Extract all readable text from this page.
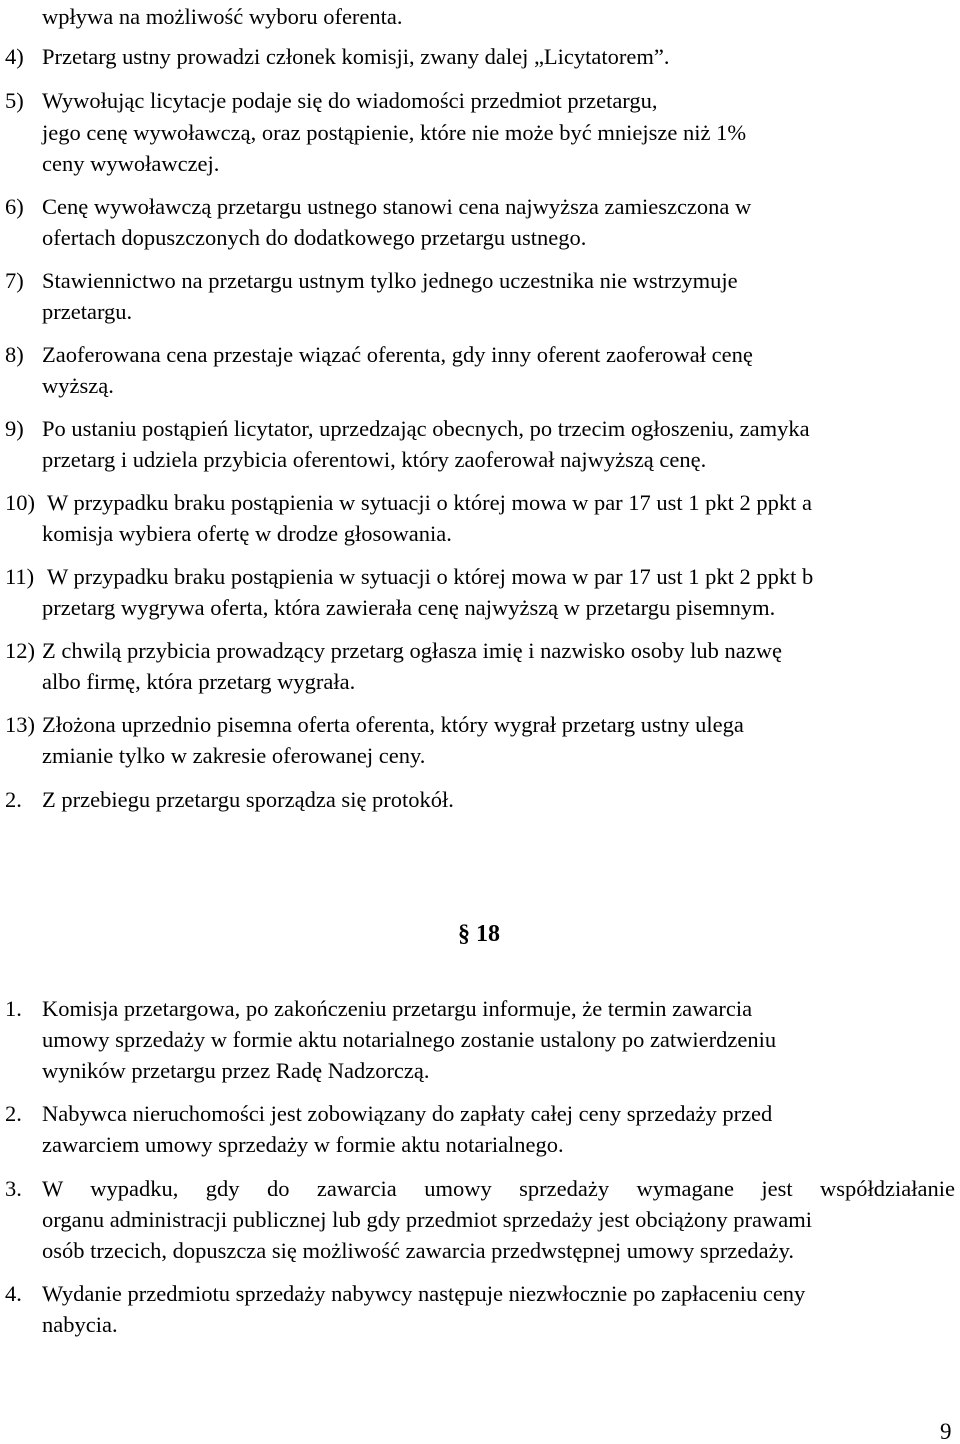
wpływa na możliwość wyboru oferenta.
4) Przetarg ustny prowadzi członek komisji, zwany dalej „Licytatorem”.
5) Wywołując licytacje podaje się do wiadomości przedmiot przetargu,
jego cenę wywoławczą, oraz postąpienie, które nie może być mniejsze niż 1%
ceny wywoławczej.
6) Cenę wywoławczą przetargu ustnego stanowi cena najwyższa zamieszczona w
ofertach dopuszczonych do dodatkowego przetargu ustnego.
7) Stawiennictwo na przetargu ustnym tylko jednego uczestnika nie wstrzymuje
przetargu.
8) Zaoferowana cena przestaje wiązać oferenta, gdy inny oferent zaoferował cenę
wyższą.
9) Po ustaniu postąpień licytator, uprzedzając obecnych, po trzecim ogłoszeniu, zamyka
przetarg i udziela przybicia oferentowi, który zaoferował najwyższą cenę.
10) W przypadku braku postąpienia w sytuacji o której mowa w par 17 ust 1 pkt 2 ppkt a
komisja wybiera ofertę w drodze głosowania.
11) W przypadku braku postąpienia w sytuacji o której mowa w par 17 ust 1 pkt 2 ppkt b
przetarg wygrywa oferta, która zawierała cenę najwyższą w przetargu pisemnym.
12) Z chwilą przybicia prowadzący przetarg ogłasza imię i nazwisko osoby lub nazwę
albo firmę, która przetarg wygrała.
13) Złożona uprzednio pisemna oferta oferenta, który wygrał przetarg ustny ulega
zmianie tylko w zakresie oferowanej ceny.
2. Z przebiegu przetargu sporządza się protokół.
§ 18
1. Komisja przetargowa, po zakończeniu przetargu informuje, że termin zawarcia
umowy sprzedaży w formie aktu notarialnego zostanie ustalony po zatwierdzeniu
wyników przetargu przez Radę Nadzorczą.
2. Nabywca nieruchomości jest zobowiązany do zapłaty całej ceny sprzedaży przed
zawarciem umowy sprzedaży w formie aktu notarialnego.
3. W wypadku, gdy do zawarcia umowy sprzedaży wymagane jest współdziałanie
organu administracji publicznej lub gdy przedmiot sprzedaży jest obciążony prawami
osób trzecich, dopuszcza się możliwość zawarcia przedwstępnej umowy sprzedaży.
4. Wydanie przedmiotu sprzedaży nabywcy następuje niezwłocznie po zapłaceniu ceny
nabycia.
9
